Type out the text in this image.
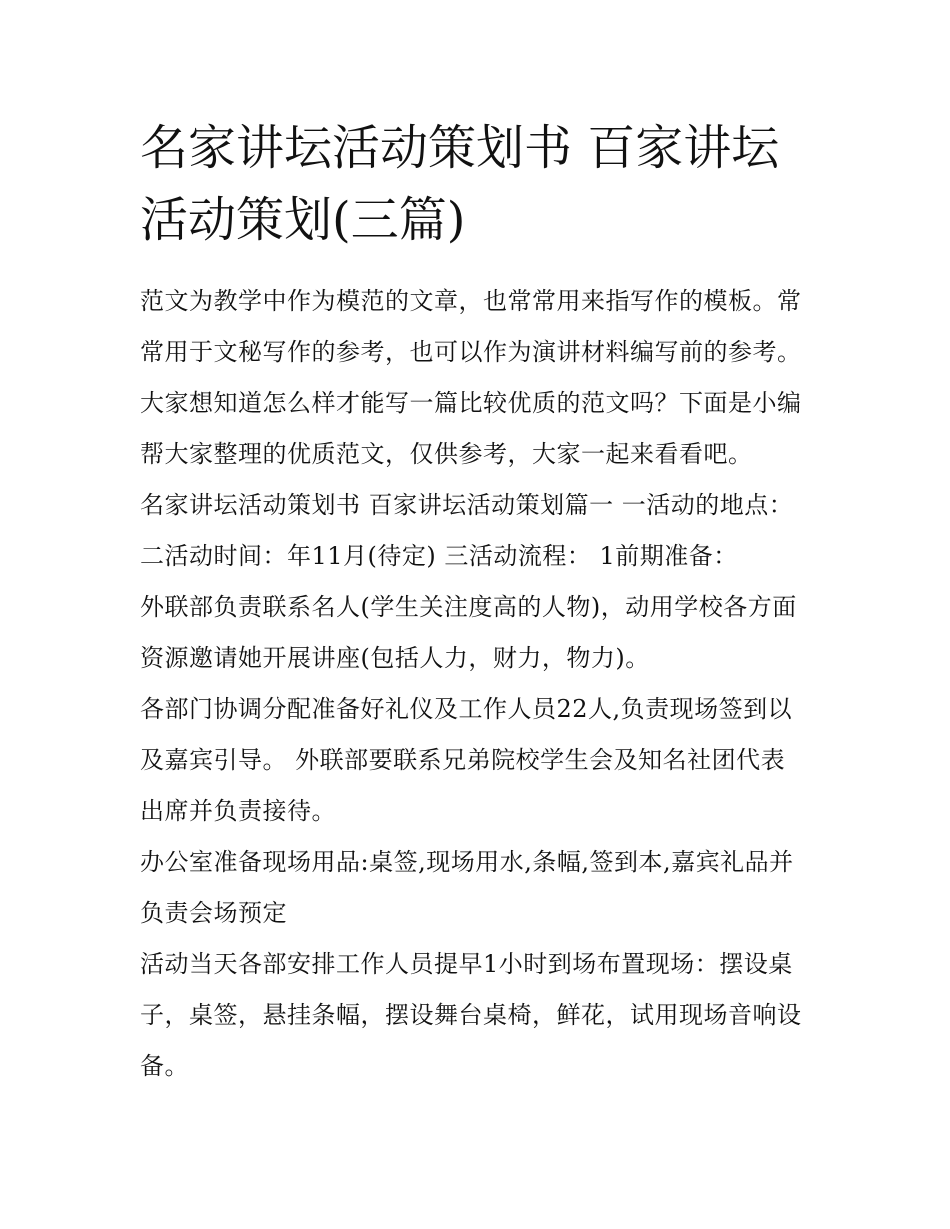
名家讲坛活动策划书 百家讲坛
活动策划(三篇)
范文为教学中作为模范的文章，也常常用来指写作的模板。常
常用于文秘写作的参考，也可以作为演讲材料编写前的参考。
大家想知道怎么样才能写一篇比较优质的范文吗？下面是小编
帮大家整理的优质范文，仅供参考，大家一起来看看吧。
名家讲坛活动策划书 百家讲坛活动策划篇一 一活动的地点：
二活动时间：年11月(待定) 三活动流程： 1前期准备：
外联部负责联系名人(学生关注度高的人物)，动用学校各方面
资源邀请她开展讲座(包括人力，财力，物力)。
各部门协调分配准备好礼仪及工作人员22人,负责现场签到以
及嘉宾引导。 外联部要联系兄弟院校学生会及知名社团代表
出席并负责接待。
办公室准备现场用品:桌签,现场用水,条幅,签到本,嘉宾礼品并
负责会场预定
活动当天各部安排工作人员提早1小时到场布置现场：摆设桌
子，桌签，悬挂条幅，摆设舞台桌椅，鲜花，试用现场音响设
备。
